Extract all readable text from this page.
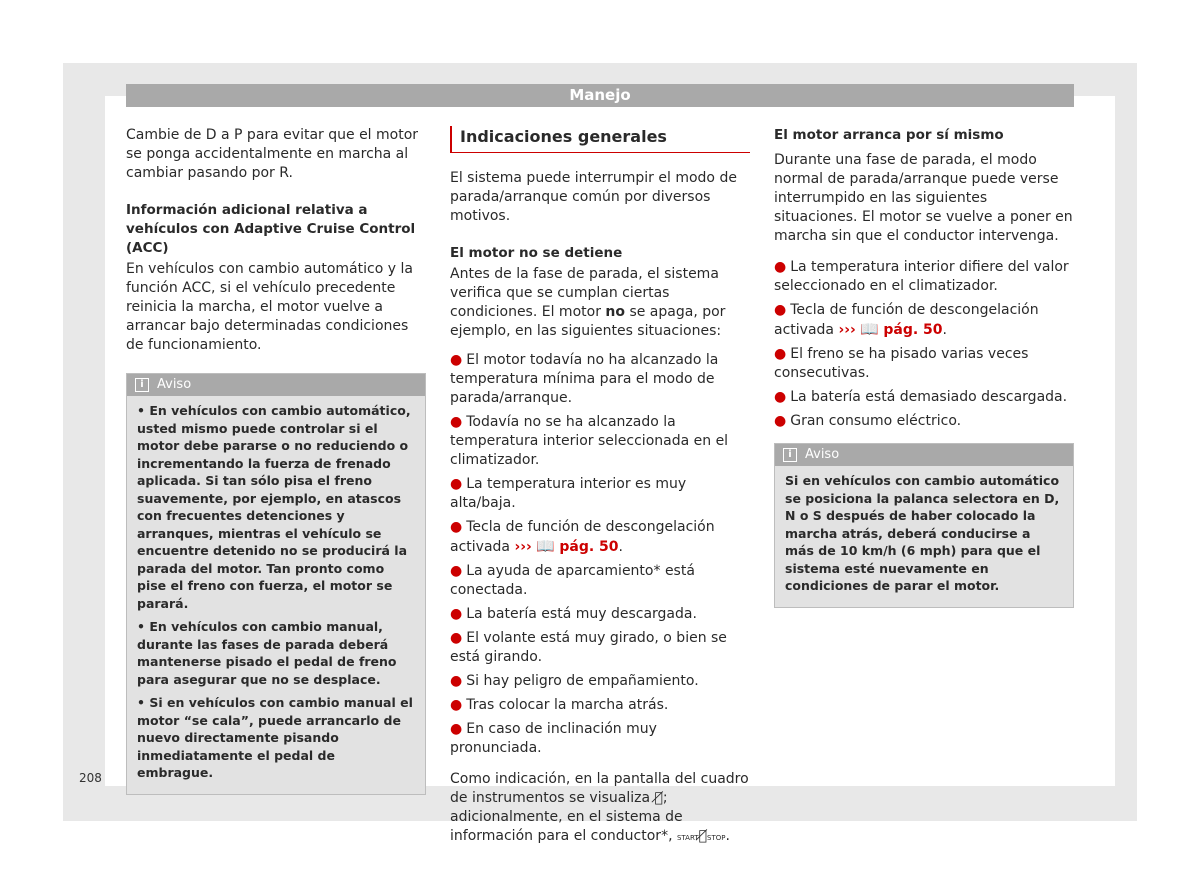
Manejo

Cambie de D a P para evitar que el motor se ponga accidentalmente en marcha al cambiar pasando por R.

Información adicional relativa a vehículos con Adaptive Cruise Control (ACC)

En vehículos con cambio automático y la función ACC, si el vehículo precedente reinicia la marcha, el motor vuelve a arrancar bajo determinadas condiciones de funcionamiento.

i	Aviso

• En vehículos con cambio automático, usted mismo puede controlar si el motor debe pararse o no reduciendo o incrementando la fuerza de frenado aplicada. Si tan sólo pisa el freno suavemente, por ejemplo, en atascos con frecuentes detenciones y arranques, mientras el vehículo se encuentre detenido no se producirá la parada del motor. Tan pronto como pise el freno con fuerza, el motor se parará.

• En vehículos con cambio manual, durante las fases de parada deberá mantenerse pisado el pedal de freno para asegurar que no se desplace.

• Si en vehículos con cambio manual el motor “se cala”, puede arrancarlo de nuevo directamente pisando inmediatamente el pedal de embrague.

Indicaciones generales

El sistema puede interrumpir el modo de parada/arranque común por diversos motivos.

El motor no se detiene

Antes de la fase de parada, el sistema verifica que se cumplan ciertas condiciones. El motor no se apaga, por ejemplo, en las siguientes situaciones:

● El motor todavía no ha alcanzado la temperatura mínima para el modo de parada/arranque.
● Todavía no se ha alcanzado la temperatura interior seleccionada en el climatizador.
● La temperatura interior es muy alta/baja.
● Tecla de función de descongelación activada ››› 📖 pág. 50.
● La ayuda de aparcamiento* está conectada.
● La batería está muy descargada.
● El volante está muy girado, o bien se está girando.
● Si hay peligro de empañamiento.
● Tras colocar la marcha atrás.
● En caso de inclinación muy pronunciada.

Como indicación, en la pantalla del cuadro de instrumentos se visualiza Ⓐ̸; adicionalmente, en el sistema de información para el conductor*, STARTⒶ̸STOP.

El motor arranca por sí mismo

Durante una fase de parada, el modo normal de parada/arranque puede verse interrumpido en las siguientes situaciones. El motor se vuelve a poner en marcha sin que el conductor intervenga.

● La temperatura interior difiere del valor seleccionado en el climatizador.
● Tecla de función de descongelación activada ››› 📖 pág. 50.
● El freno se ha pisado varias veces consecutivas.
● La batería está demasiado descargada.
● Gran consumo eléctrico.
i	Aviso

Si en vehículos con cambio automático se posiciona la palanca selectora en D, N o S después de haber colocado la marcha atrás, deberá conducirse a más de 10 km/h (6 mph) para que el sistema esté nuevamente en condiciones de parar el motor.

208
